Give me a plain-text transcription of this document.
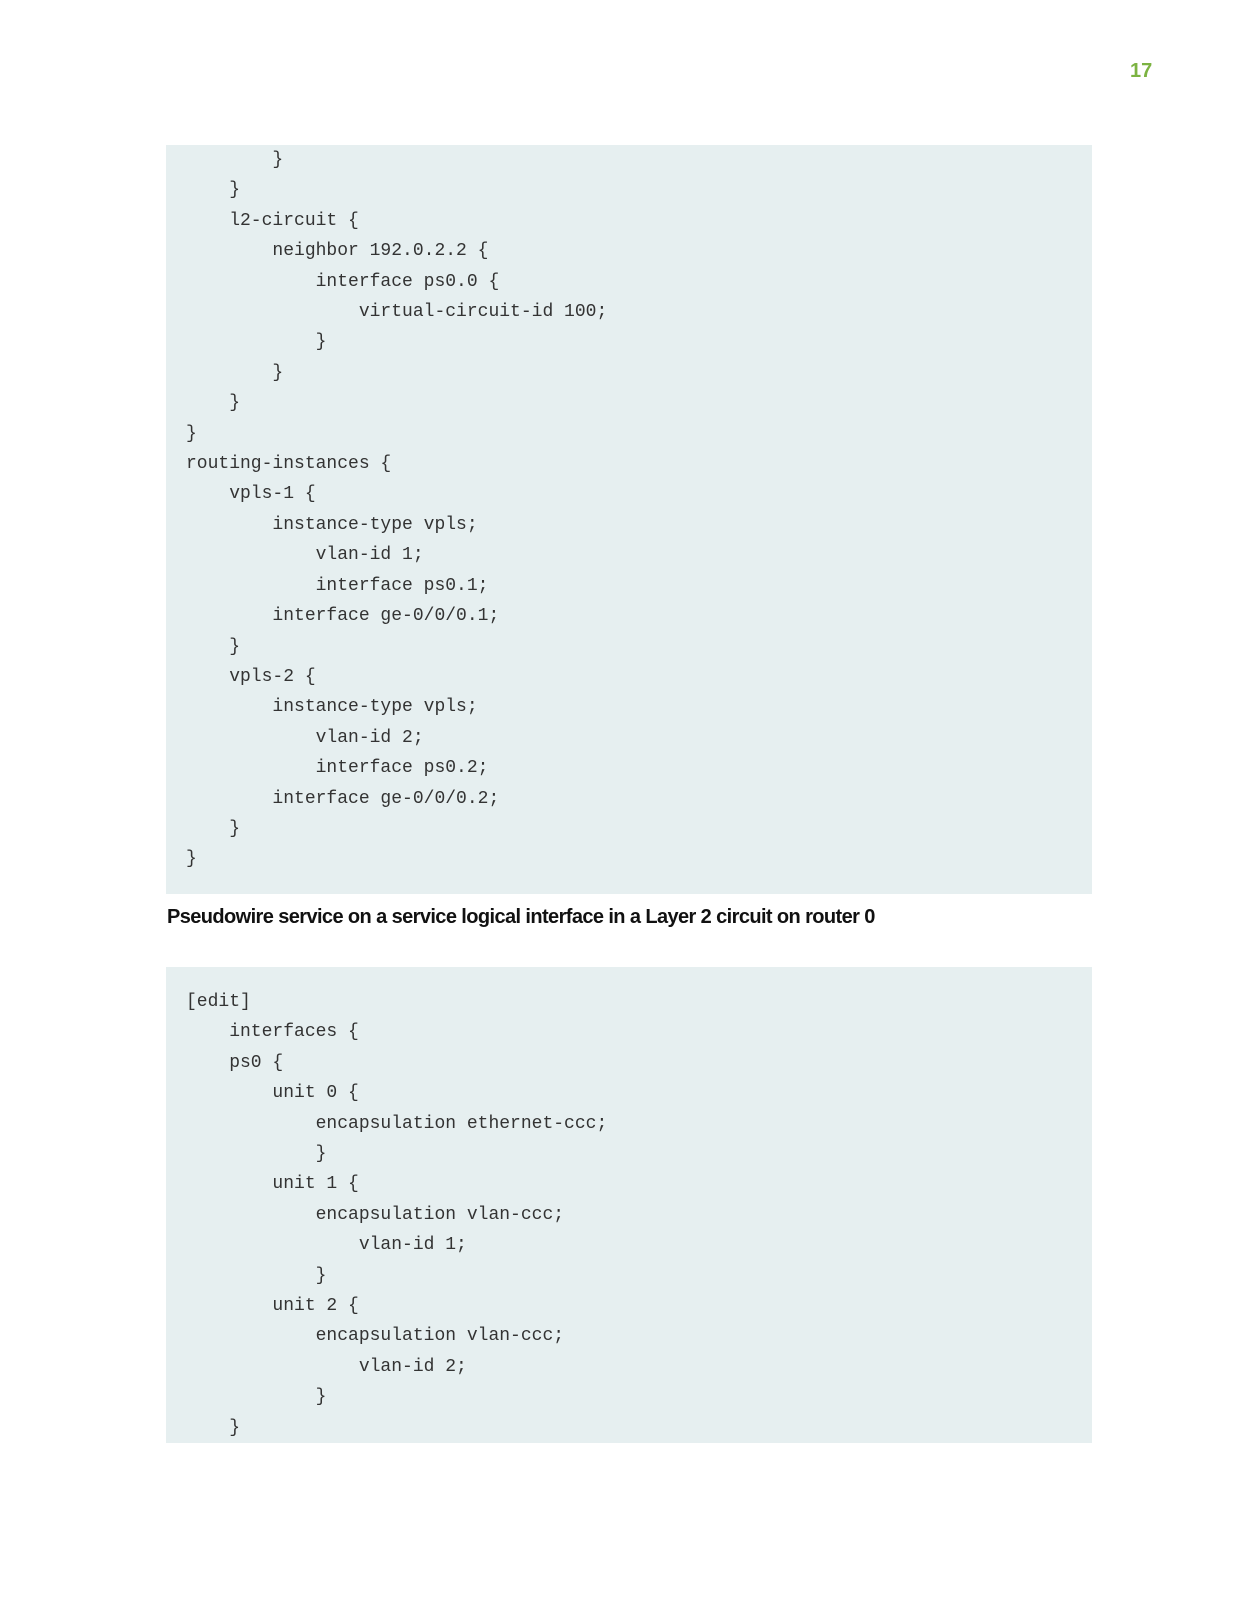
17
}
}
l2-circuit {
neighbor 192.0.2.2 {
interface ps0.0 {
virtual-circuit-id 100;
}
}
}
}
routing-instances {
vpls-1 {
instance-type vpls;
vlan-id 1;
interface ps0.1;
interface ge-0/0/0.1;
}
vpls-2 {
instance-type vpls;
vlan-id 2;
interface ps0.2;
interface ge-0/0/0.2;
}
}
Pseudowire service on a service logical interface in a Layer 2 circuit on router 0
[edit]
interfaces {
ps0 {
unit 0 {
encapsulation ethernet-ccc;
}
unit 1 {
encapsulation vlan-ccc;
vlan-id 1;
}
unit 2 {
encapsulation vlan-ccc;
vlan-id 2;
}
}
